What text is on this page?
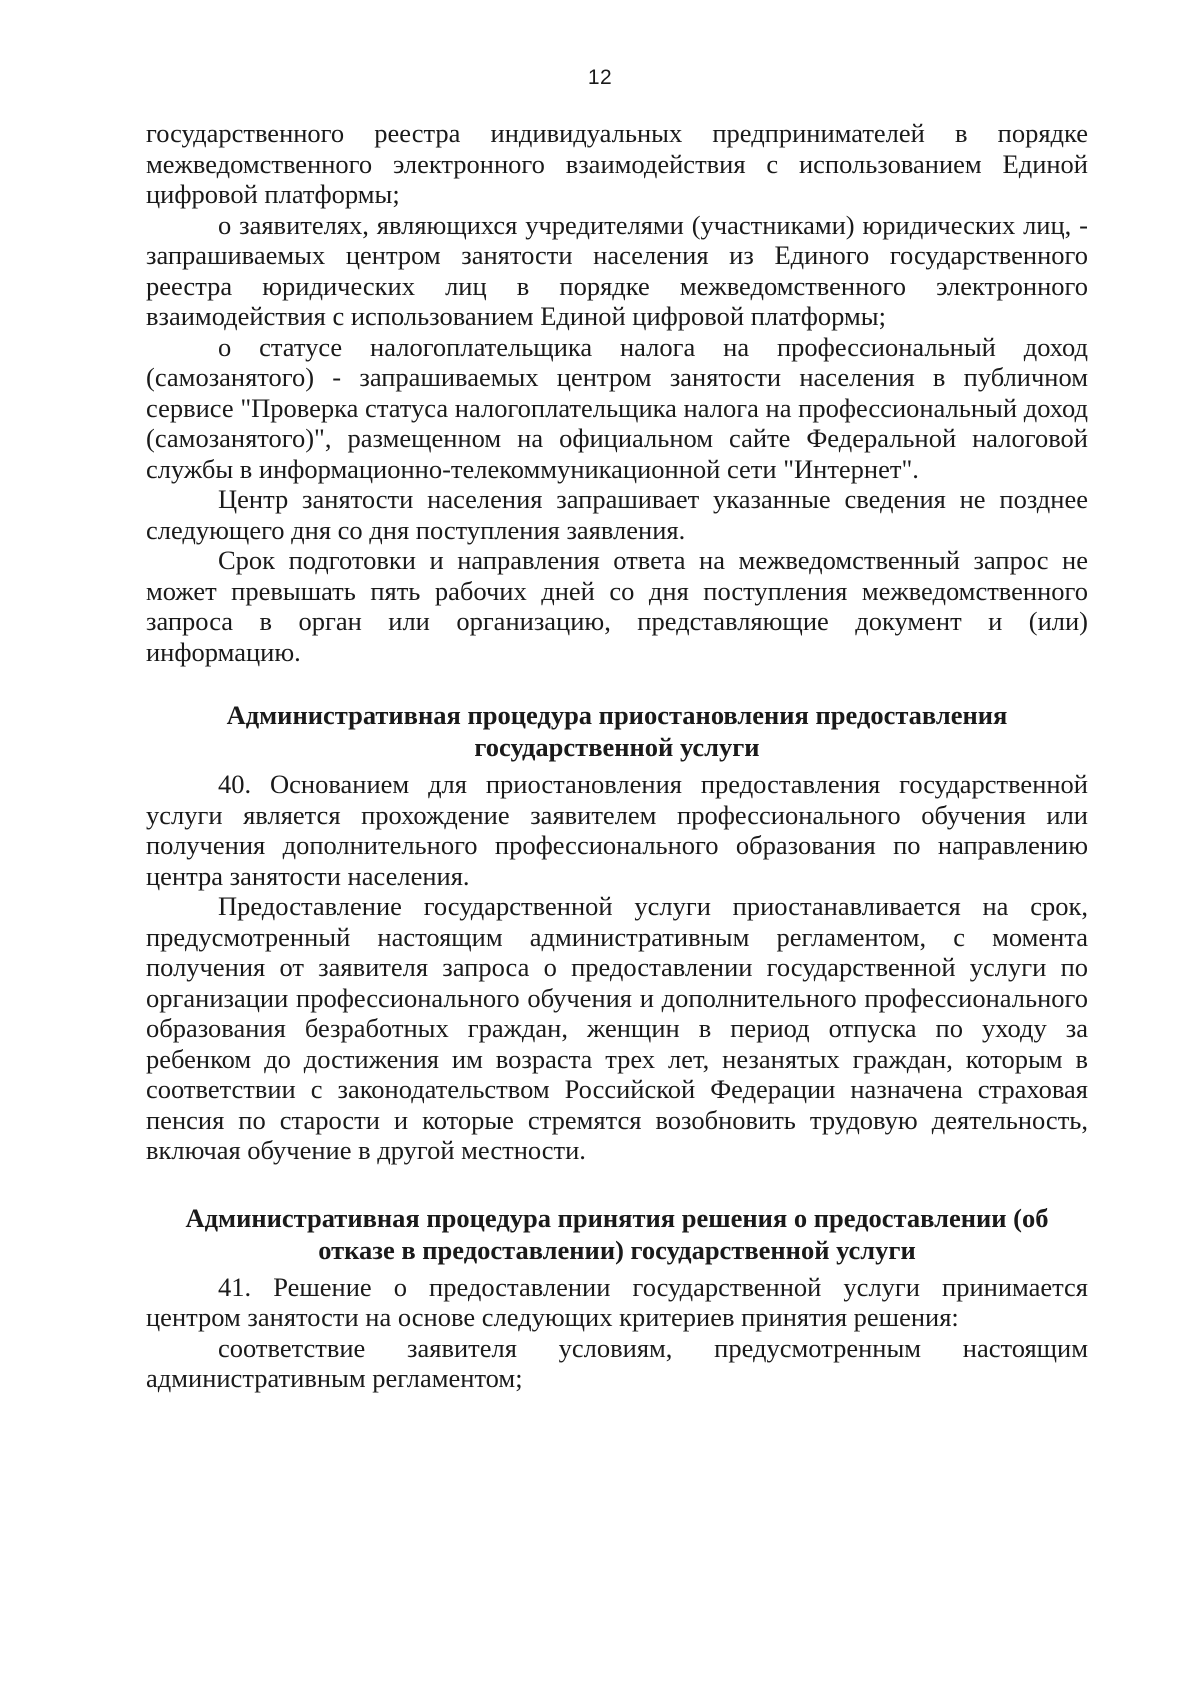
12

государственного реестра индивидуальных предпринимателей в порядке межведомственного электронного взаимодействия с использованием Единой цифровой платформы;

о заявителях, являющихся учредителями (участниками) юридических лиц, - запрашиваемых центром занятости населения из Единого государственного реестра юридических лиц в порядке межведомственного электронного взаимодействия с использованием Единой цифровой платформы;

о статусе налогоплательщика налога на профессиональный доход (самозанятого) - запрашиваемых центром занятости населения в публичном сервисе "Проверка статуса налогоплательщика налога на профессиональный доход (самозанятого)", размещенном на официальном сайте Федеральной налоговой службы в информационно-телекоммуникационной сети "Интернет".

Центр занятости населения запрашивает указанные сведения не позднее следующего дня со дня поступления заявления.

Срок подготовки и направления ответа на межведомственный запрос не может превышать пять рабочих дней со дня поступления межведомственного запроса в орган или организацию, представляющие документ и (или) информацию.

Административная процедура приостановления предоставления государственной услуги

40. Основанием для приостановления предоставления государственной услуги является прохождение заявителем профессионального обучения или получения дополнительного профессионального образования по направлению центра занятости населения.

Предоставление государственной услуги приостанавливается на срок, предусмотренный настоящим административным регламентом, с момента получения от заявителя запроса о предоставлении государственной услуги по организации профессионального обучения и дополнительного профессионального образования безработных граждан, женщин в период отпуска по уходу за ребенком до достижения им возраста трех лет, незанятых граждан, которым в соответствии с законодательством Российской Федерации назначена страховая пенсия по старости и которые стремятся возобновить трудовую деятельность, включая обучение в другой местности.

Административная процедура принятия решения о предоставлении (об отказе в предоставлении) государственной услуги

41. Решение о предоставлении государственной услуги принимается центром занятости на основе следующих критериев принятия решения:

соответствие заявителя условиям, предусмотренным настоящим административным регламентом;
